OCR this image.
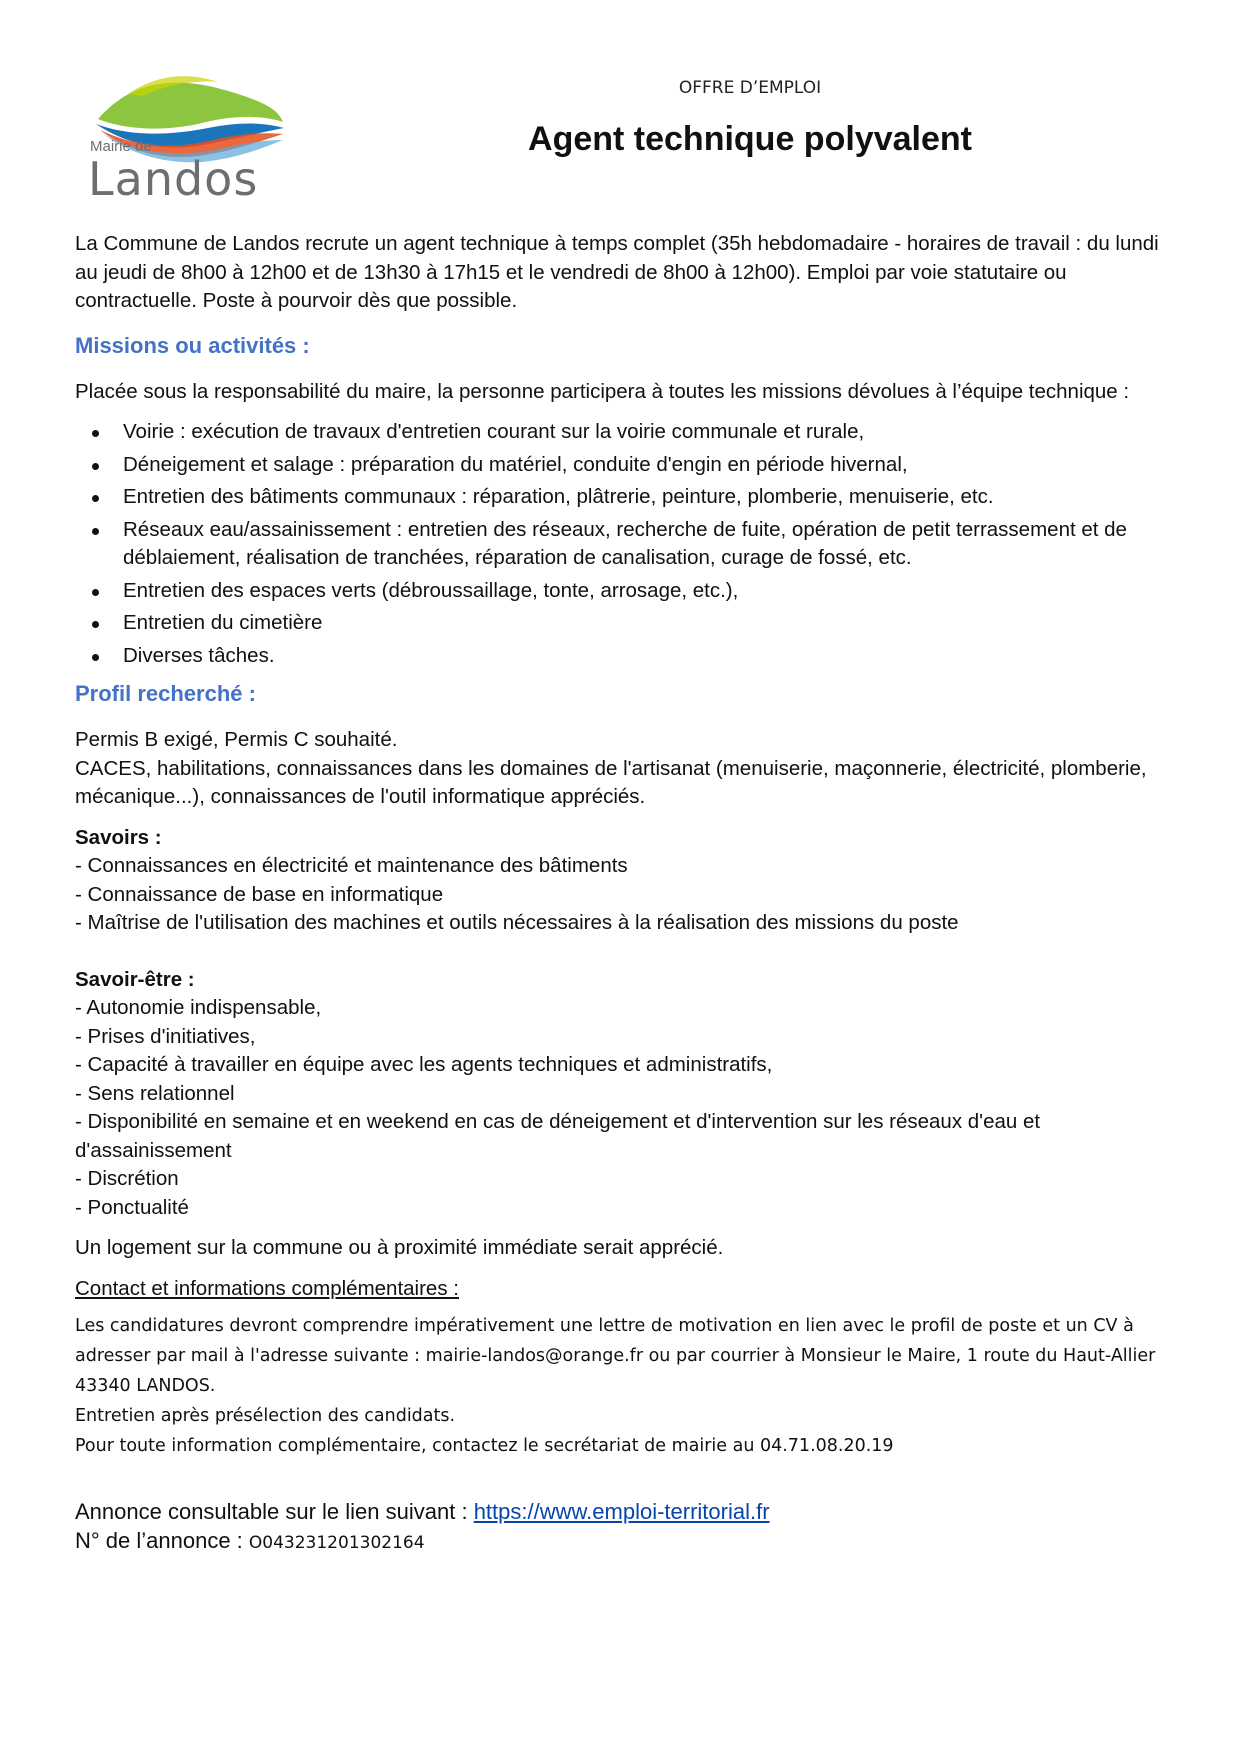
Mairie de
Landos
OFFRE D’EMPLOI
Agent technique polyvalent

La Commune de Landos recrute un agent technique à temps complet (35h hebdomadaire - horaires de travail : du lundi au jeudi de 8h00 à 12h00 et de 13h30 à 17h15 et le vendredi de 8h00 à 12h00). Emploi par voie statutaire ou contractuelle. Poste à pourvoir dès que possible.

Missions ou activités :

Placée sous la responsabilité du maire, la personne participera à toutes les missions dévolues à l’équipe technique :

Voirie : exécution de travaux d'entretien courant sur la voirie communale et rurale,
Déneigement et salage : préparation du matériel, conduite d'engin en période hivernal,
Entretien des bâtiments communaux : réparation, plâtrerie, peinture, plomberie, menuiserie, etc.
Réseaux eau/assainissement : entretien des réseaux, recherche de fuite, opération de petit terrassement et de déblaiement, réalisation de tranchées, réparation de canalisation, curage de fossé, etc.
Entretien des espaces verts (débroussaillage, tonte, arrosage, etc.),
Entretien du cimetière
Diverses tâches.

Profil recherché :

Permis B exigé, Permis C souhaité.

CACES, habilitations, connaissances dans les domaines de l'artisanat (menuiserie, maçonnerie, électricité, plomberie, mécanique...), connaissances de l'outil informatique appréciés.

Savoirs :

- Connaissances en électricité et maintenance des bâtiments

- Connaissance de base en informatique

- Maîtrise de l'utilisation des machines et outils nécessaires à la réalisation des missions du poste

Savoir-être :

- Autonomie indispensable,

- Prises d'initiatives,

- Capacité à travailler en équipe avec les agents techniques et administratifs,

- Sens relationnel

- Disponibilité en semaine et en weekend en cas de déneigement et d'intervention sur les réseaux d'eau et d'assainissement

- Discrétion

- Ponctualité

Un logement sur la commune ou à proximité immédiate serait apprécié.

Contact et informations complémentaires :

Les candidatures devront comprendre impérativement une lettre de motivation en lien avec le profil de poste et un CV à adresser par mail à l'adresse suivante : mairie-landos@orange.fr ou par courrier à Monsieur le Maire, 1 route du Haut-Allier 43340 LANDOS.

Entretien après présélection des candidats.

Pour toute information complémentaire, contactez le secrétariat de mairie au 04.71.08.20.19

Annonce consultable sur le lien suivant : https://www.emploi-territorial.fr

N° de l’annonce : O043231201302164
